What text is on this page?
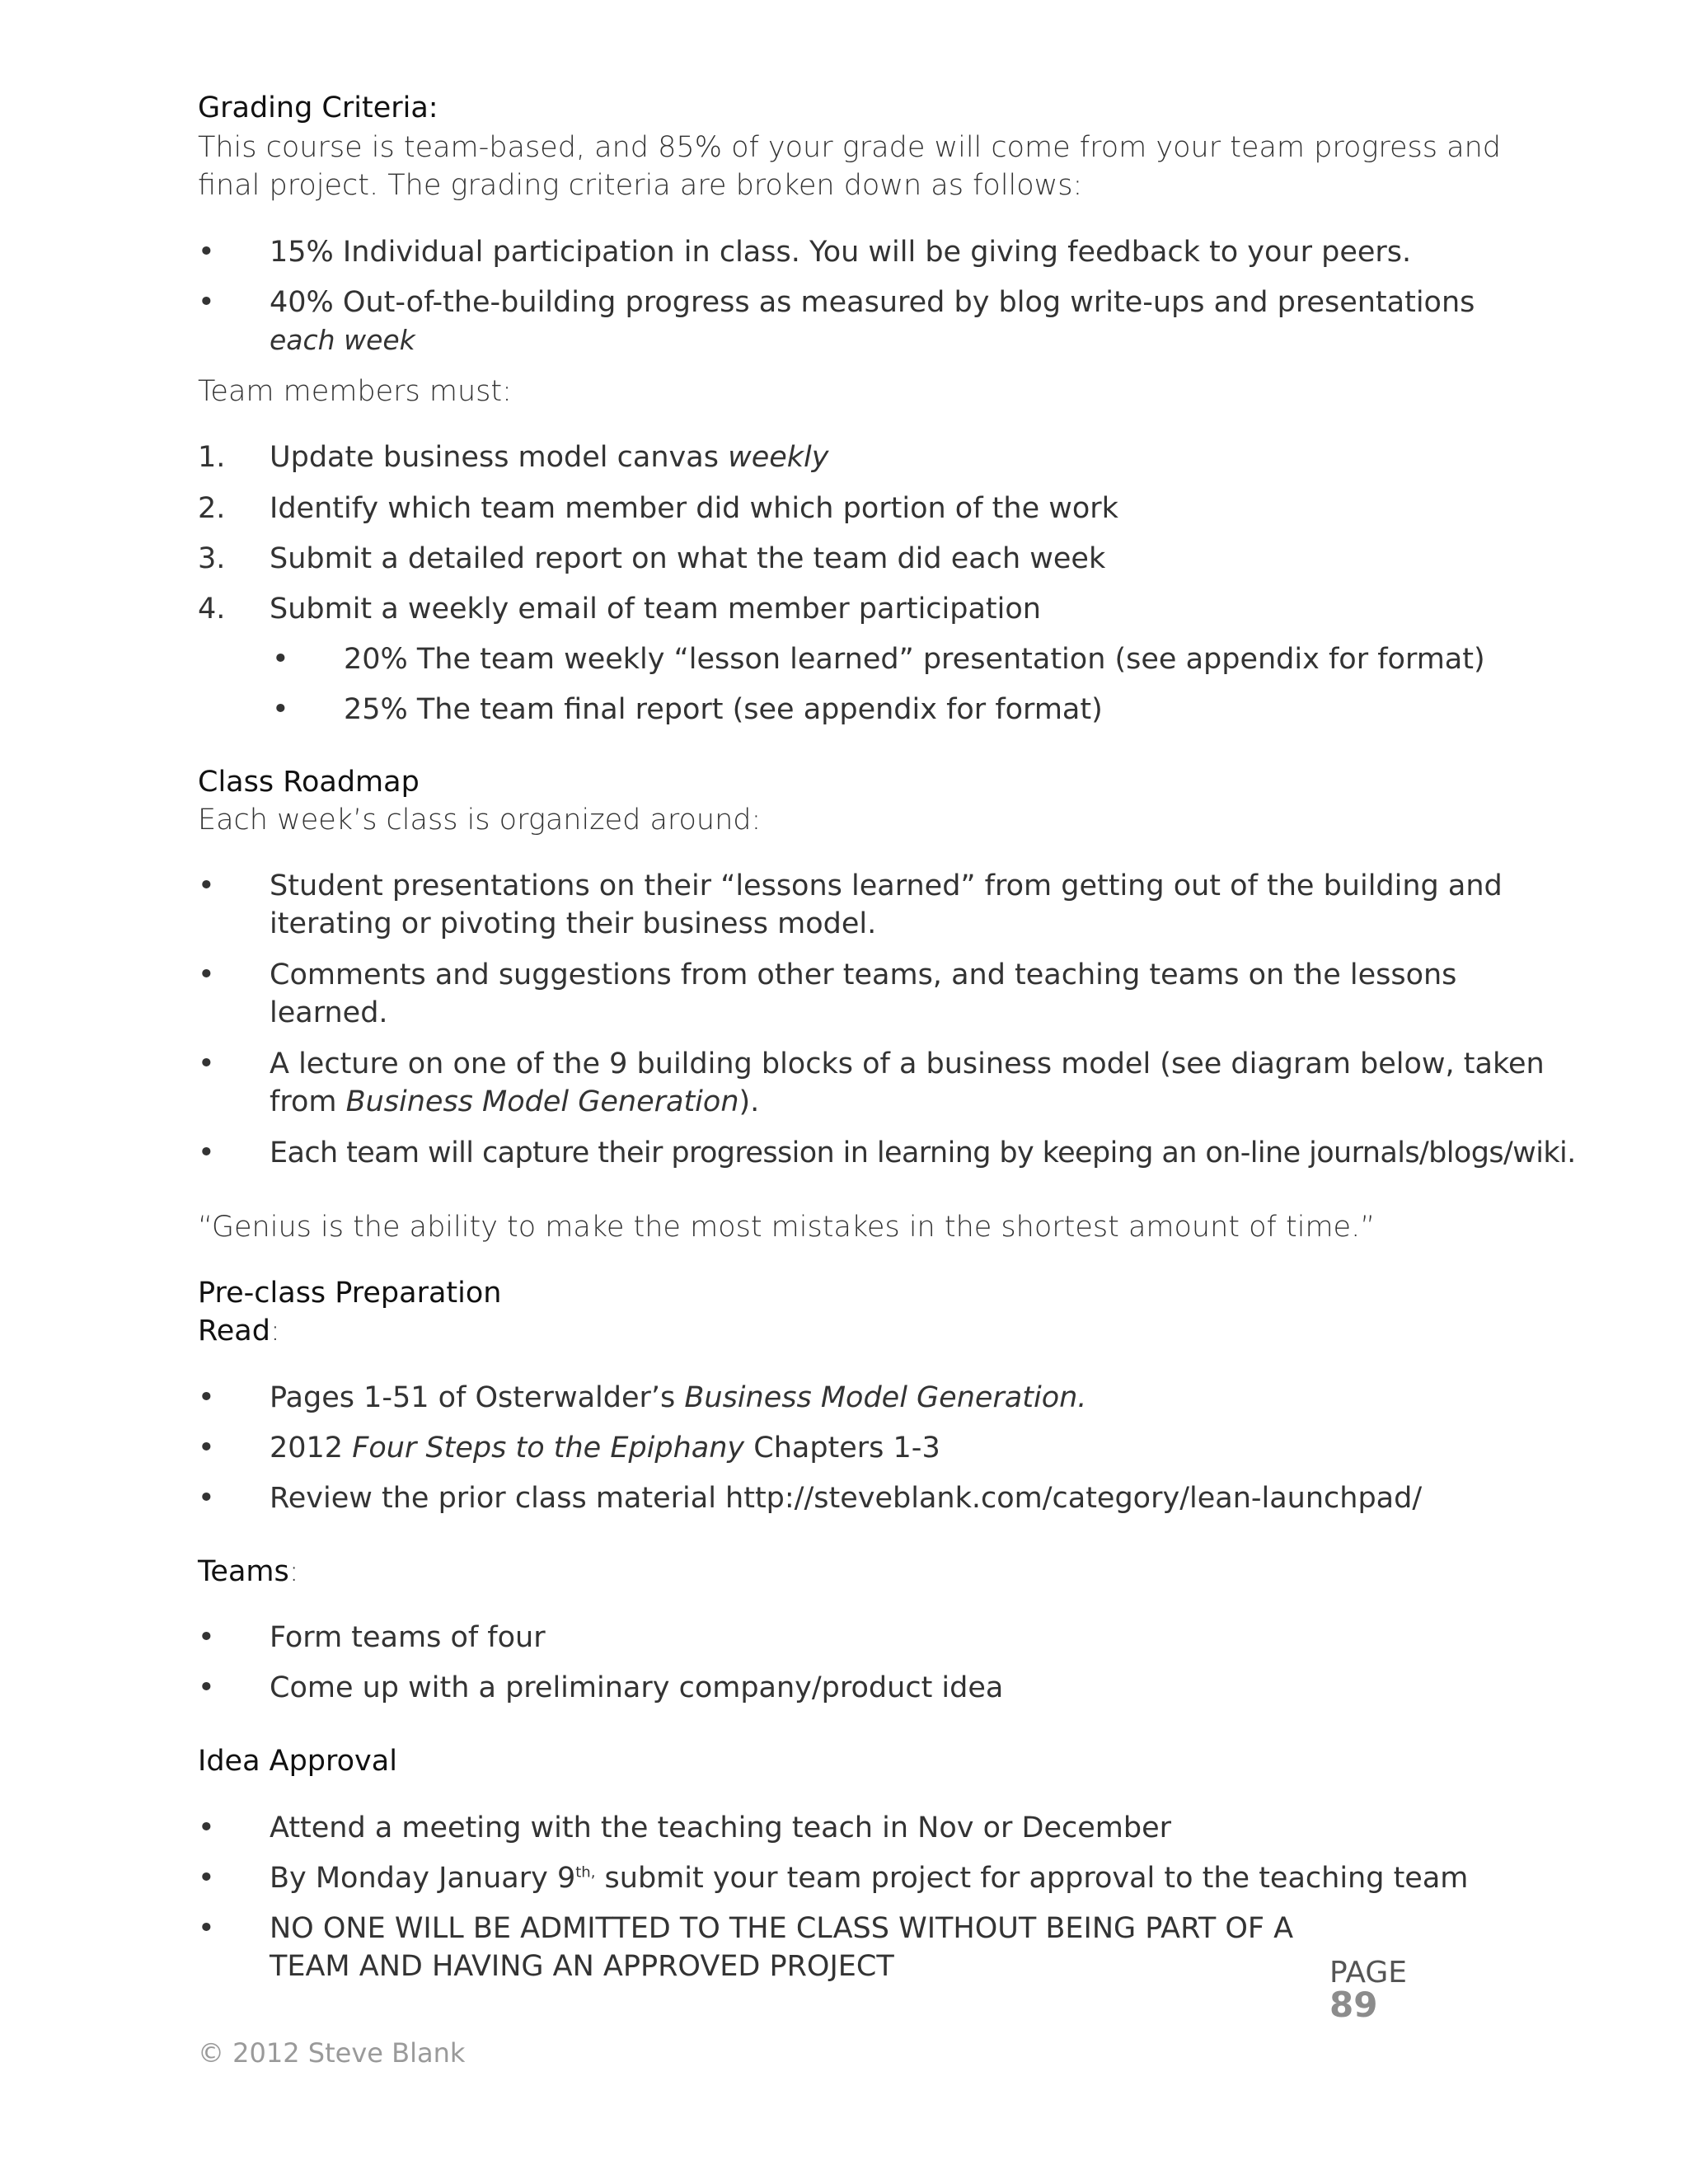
Grading Criteria:
This course is team-based, and 85% of your grade will come from your team progress and
final project. The grading criteria are broken down as follows:
•	15% Individual participation in class. You will be giving feedback to your peers.
•	40% Out-of-the-building progress as measured by blog write-ups and presentations
each week
Team members must:
1. Update business model canvas weekly
2. Identify which team member did which portion of the work
3. Submit a detailed report on what the team did each week
4. Submit a weekly email of team member participation
• 20% The team weekly “lesson learned” presentation (see appendix for format)
• 25% The team final report (see appendix for format)
Class Roadmap
Each week’s class is organized around:
•	Student presentations on their “lessons learned” from getting out of the building and
iterating or pivoting their business model.
•	Comments and suggestions from other teams, and teaching teams on the lessons
learned.
•	A lecture on one of the 9 building blocks of a business model (see diagram below, taken
from Business Model Generation).
•	Each team will capture their progression in learning by keeping an on-line journals/blogs/wiki.
“Genius is the ability to make the most mistakes in the shortest amount of time.”
Pre-class Preparation
Read:
•	Pages 1-51 of Osterwalder’s Business Model Generation.
•	2012 Four Steps to the Epiphany Chapters 1-3
•	Review the prior class material http://steveblank.com/category/lean-launchpad/
Teams:
•	Form teams of four
•	Come up with a preliminary company/product idea
Idea Approval
•	Attend a meeting with the teaching teach in Nov or December
•	By Monday January $9^{th,}$ submit your team project for approval to the teaching team
•	NO ONE WILL BE ADMITTED TO THE CLASS WITHOUT BEING PART OF A
TEAM AND HAVING AN APPROVED PROJECT	PAGE
89
© 2012 Steve Blank
